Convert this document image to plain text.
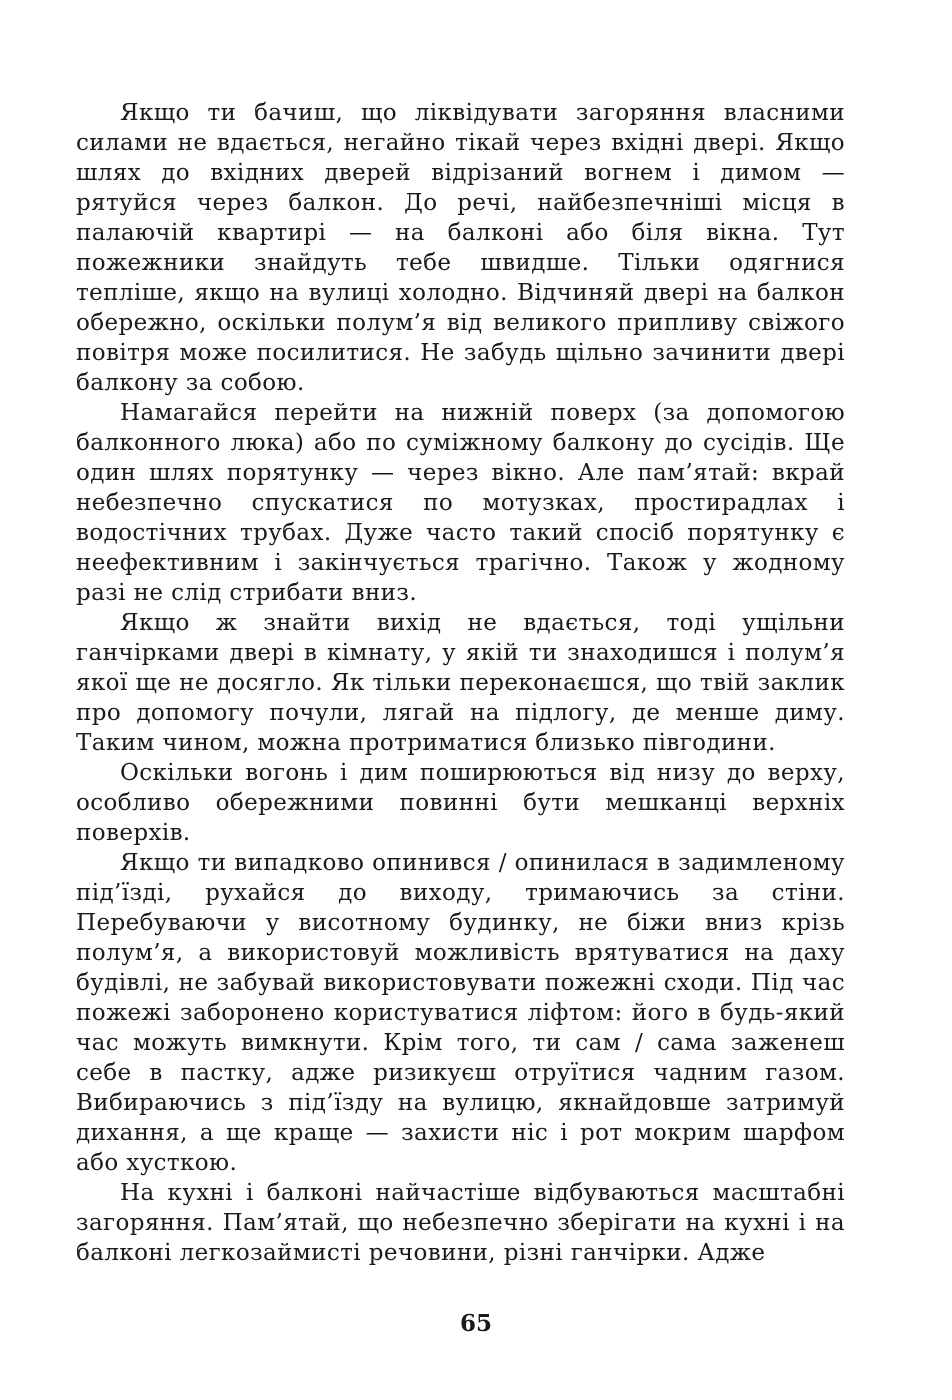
Якщо ти бачиш, що ліквідувати загоряння власними силами не вдається, негайно тікай через вхідні двері. Якщо шлях до вхідних дверей відрізаний вогнем і димом — рятуйся через балкон. До речі, найбезпечніші місця в палаючій квартирі — на балконі або біля вікна. Тут пожежники знайдуть тебе швидше. Тільки одягнися тепліше, якщо на вулиці холодно. Відчиняй двері на балкон обережно, оскільки полум’я від великого припливу свіжого повітря може посилитися. Не забудь щільно зачинити двері балкону за собою.

Намагайся перейти на нижній поверх (за допомогою балконного люка) або по суміжному балкону до сусідів. Ще один шлях порятунку — через вікно. Але пам’ятай: вкрай небезпечно спускатися по мотузках, простирадлах і водостічних трубах. Дуже часто такий спосіб порятунку є неефективним і закінчується трагічно. Також у жодному разі не слід стрибати вниз.

Якщо ж знайти вихід не вдається, тоді ущільни ганчірками двері в кімнату, у якій ти знаходишся і полум’я якої ще не досягло. Як тільки переконаєшся, що твій заклик про допомогу почули, лягай на підлогу, де менше диму. Таким чином, можна протриматися близько півгодини.

Оскільки вогонь і дим поширюються від низу до верху, особливо обережними повинні бути мешканці верхніх поверхів.

Якщо ти випадково опинився / опинилася в задимленому під’їзді, рухайся до виходу, тримаючись за стіни. Перебуваючи у висотному будинку, не біжи вниз крізь полум’я, а використовуй можливість врятуватися на даху будівлі, не забувай використовувати пожежні сходи. Під час пожежі заборонено користуватися ліфтом: його в будь-який час можуть вимкнути. Крім того, ти сам / сама заженеш себе в пастку, адже ризикуєш отруїтися чадним газом. Вибираючись з під’їзду на вулицю, якнайдовше затримуй дихання, а ще краще — захисти ніс і рот мокрим шарфом або хусткою.

На кухні і балконі найчастіше відбуваються масштабні загоряння. Пам’ятай, що небезпечно зберігати на кухні і на балконі легкозаймисті речовини, різні ганчірки. Адже

65
